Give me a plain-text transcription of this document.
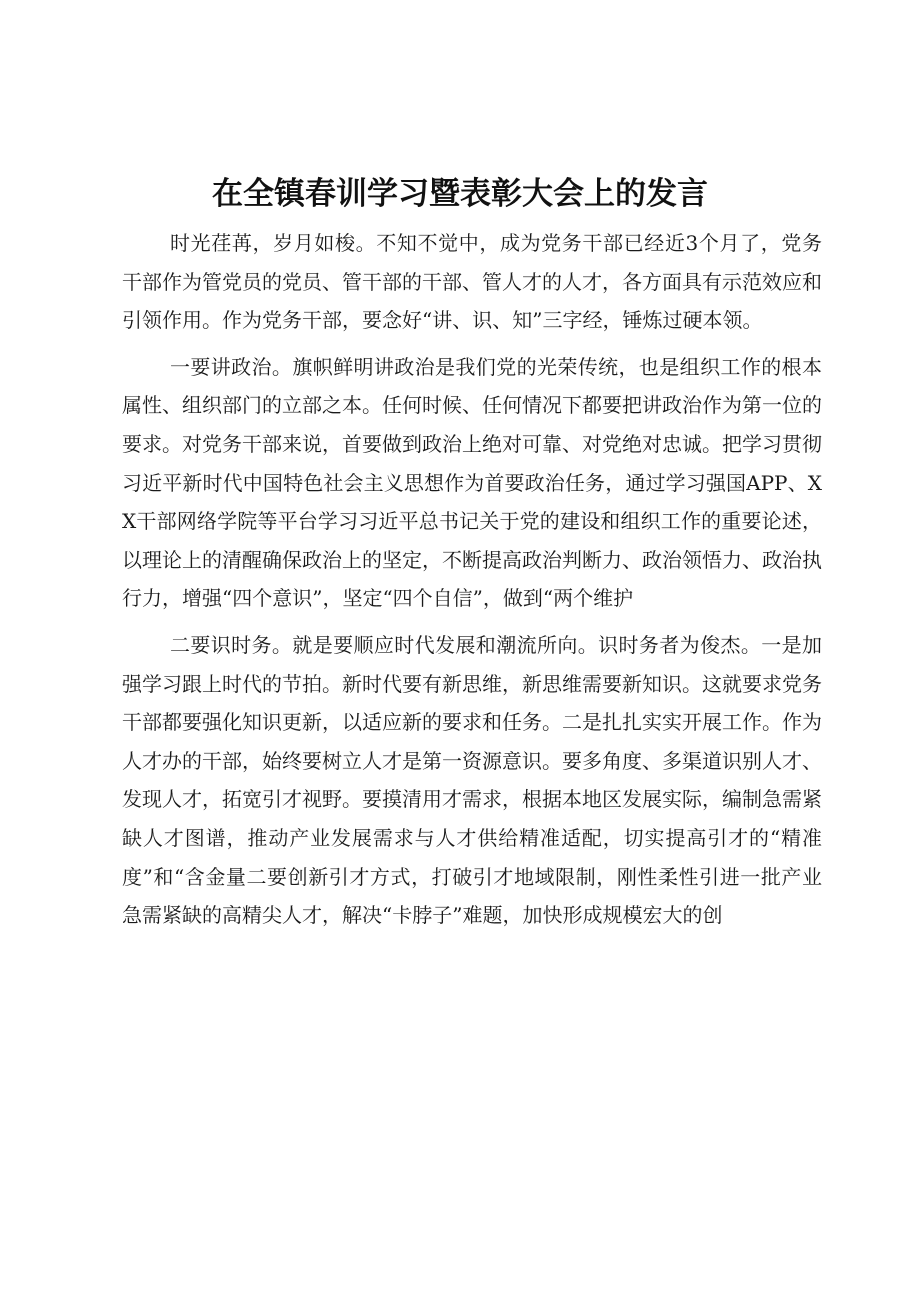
在全镇春训学习暨表彰大会上的发言

时光荏苒，岁月如梭。不知不觉中，成为党务干部已经近3个月了，党务干部作为管党员的党员、管干部的干部、管人才的人才，各方面具有示范效应和引领作用。作为党务干部，要念好“讲、识、知”三字经，锤炼过硬本领。

一要讲政治。旗帜鲜明讲政治是我们党的光荣传统，也是组织工作的根本属性、组织部门的立部之本。任何时候、任何情况下都要把讲政治作为第一位的要求。对党务干部来说，首要做到政治上绝对可靠、对党绝对忠诚。把学习贯彻习近平新时代中国特色社会主义思想作为首要政治任务，通过学习强国APP、XX干部网络学院等平台学习习近平总书记关于党的建设和组织工作的重要论述，以理论上的清醒确保政治上的坚定，不断提高政治判断力、政治领悟力、政治执行力，增强“四个意识”，坚定“四个自信”，做到“两个维护

二要识时务。就是要顺应时代发展和潮流所向。识时务者为俊杰。一是加强学习跟上时代的节拍。新时代要有新思维，新思维需要新知识。这就要求党务干部都要强化知识更新，以适应新的要求和任务。二是扎扎实实开展工作。作为人才办的干部，始终要树立人才是第一资源意识。要多角度、多渠道识别人才、发现人才，拓宽引才视野。要摸清用才需求，根据本地区发展实际，编制急需紧缺人才图谱，推动产业发展需求与人才供给精准适配，切实提高引才的“精准度”和“含金量二要创新引才方式，打破引才地域限制，刚性柔性引进一批产业急需紧缺的高精尖人才，解决“卡脖子”难题，加快形成规模宏大的创
